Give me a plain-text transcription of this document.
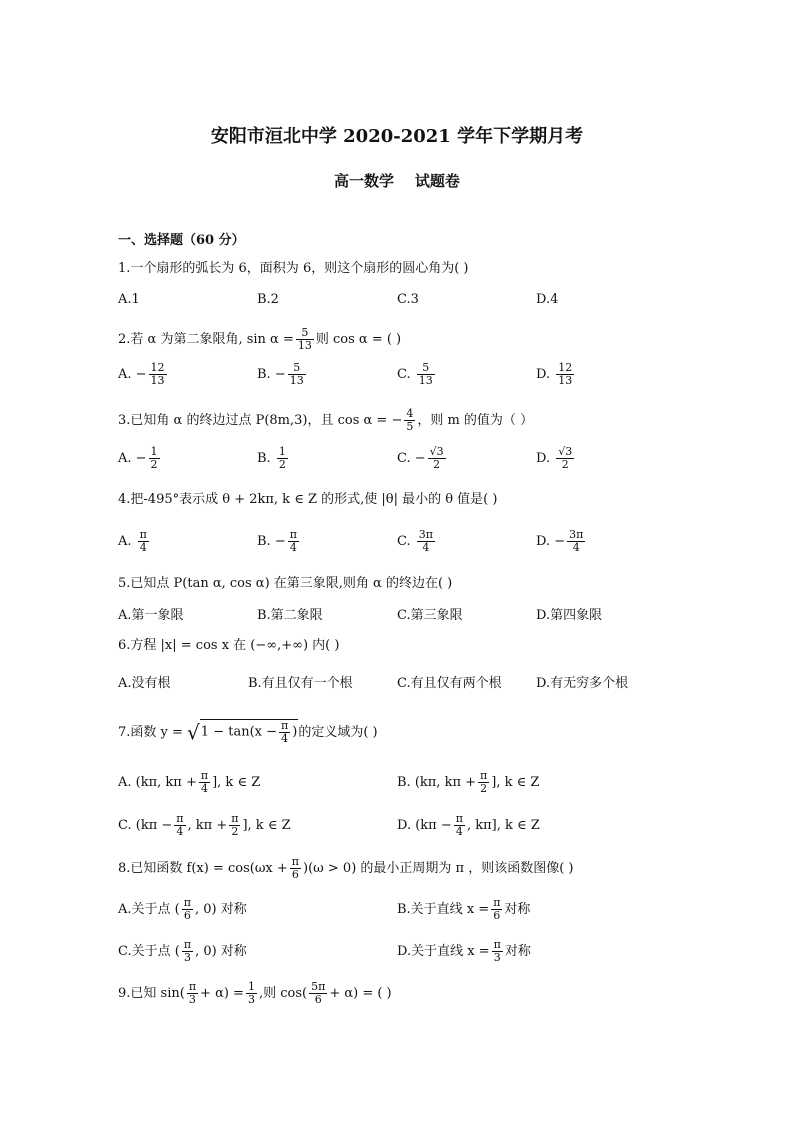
安阳市洹北中学 2020-2021 学年下学期月考
高一数学    试题卷
一、选择题（60 分）
1.一个扇形的弧长为 6，面积为 6，则这个扇形的圆心角为( )
A.1	B.2	C.3	D.4
2.若 α 为第二象限角, $\sin \alpha = \frac{5}{13}$ 则 cos α = ( )
A. − $\frac{12}{13}$	B. − $\frac{5}{13}$	C. $\frac{5}{13}$	D. $\frac{12}{13}$
3.已知角 α 的终边过点 P(8m,3)，且 cos α = − $\frac{4}{5}$ ，则 m 的值为（ ）
A. − $\frac{1}{2}$	B. $\frac{1}{2}$	C. − $\frac{√3}{2}$	D. $\frac{√3}{2}$
4.把-495°表示成 θ + 2kπ, k ∈ Z 的形式,使 |θ| 最小的 θ 值是( )
A. $\frac{\pi}{4}$	B. − $\frac{\pi}{4}$	C. $\frac{3\pi}{4}$	D. − $\frac{3\pi}{4}$
5.已知点 P(tan α, cos α) 在第三象限,则角 α 的终边在( )
A.第一象限	B.第二象限	C.第三象限	D.第四象限
6.方程 |x| = cos x 在 (−∞,+∞) 内( )
A.没有根	B.有且仅有一个根	C.有且仅有两个根	D.有无穷多个根
7.函数 $y = √1 - \tan(x - \frac{\pi}{4}$ )的定义域为( )
A. (kπ, $k\pi + \frac{\pi}{4}$ ], k ∈ Z	B. (kπ, $k\pi + \frac{\pi}{2}$ ], k ∈ Z
C. ($k\pi - \frac{\pi}{4}$ , $k\pi + \frac{\pi}{2}$ ], k ∈ Z	D. ($k\pi - \frac{\pi}{4}$ , kπ], k ∈ Z
8.已知函数 $f(x) = \cos(\omega x + \frac{\pi}{6} )(\omega > 0)$ 的最小正周期为 π ，则该函数图像( )
A.关于点 ( $\frac{\pi}{6}$ , 0) 对称	B.关于直线 $x = \frac{\pi}{6}$ 对称
C.关于点 ( $\frac{\pi}{3}$ , 0) 对称	D.关于直线 $x = \frac{\pi}{3}$ 对称
9.已知 $\sin( \frac{\pi}{3} + \alpha) = \frac{1}{3}$ ,则 $\cos( \frac{5\pi}{6} + \alpha)$ = ( )
